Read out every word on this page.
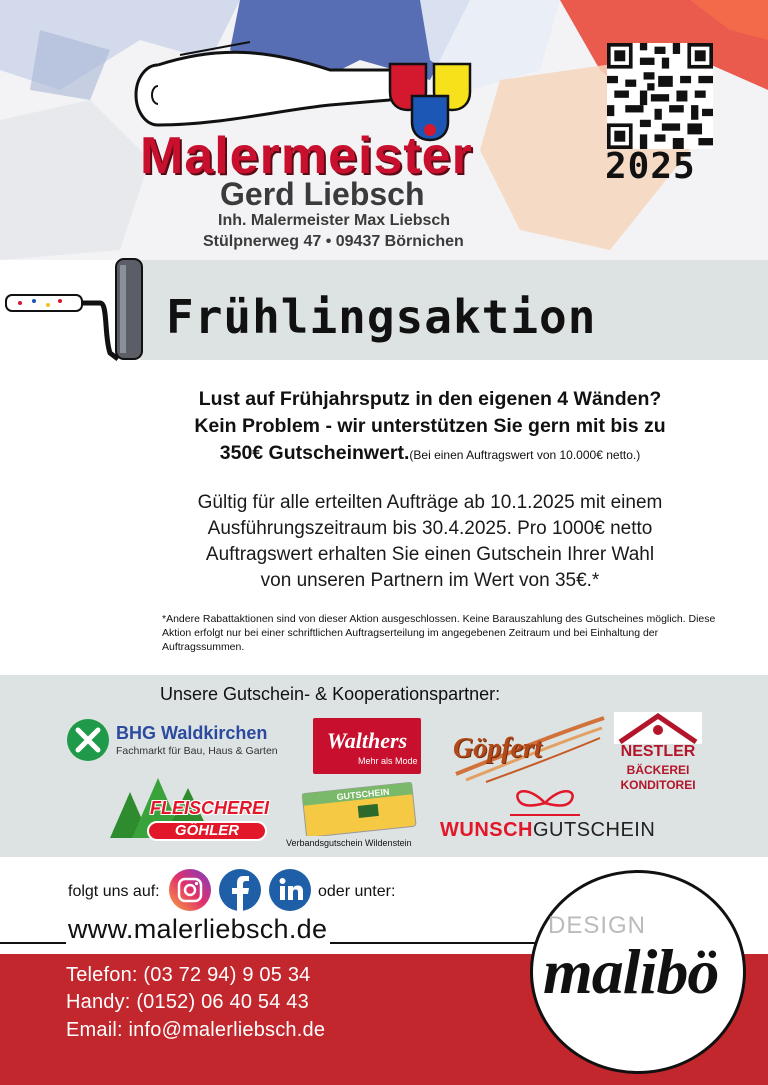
Malermeister
Gerd Liebsch
Inh. Malermeister Max Liebsch
Stülpnerweg 47 • 09437 Börnichen
2025
Frühlingsaktion
Lust auf Frühjahrsputz in den eigenen 4 Wänden?
Kein Problem - wir unterstützen Sie gern mit bis zu
350€ Gutscheinwert.(Bei einen Auftragswert von 10.000€ netto.)
Gültig für alle erteilten Aufträge ab 10.1.2025 mit einem
Ausführungszeitraum bis 30.4.2025. Pro 1000€ netto
Auftragswert erhalten Sie einen Gutschein Ihrer Wahl
von unseren Partnern im Wert von 35€.*
*Andere Rabattaktionen sind von dieser Aktion ausgeschlossen. Keine Barauszahlung des Gutscheines möglich. Diese Aktion erfolgt nur bei einer schriftlichen Auftragserteilung im angegebenen Zeitraum und bei Einhaltung der Auftragssummen.
Unsere Gutschein- & Kooperationspartner:
BHG Waldkirchen
Fachmarkt für Bau, Haus & Garten	Walthers
Mehr als Mode Göpfert	NESTLER
BÄCKEREI
KONDITOREI
FLEISCHEREI
GÖHLER
GUTSCHEIN
Verbandsgutschein Wildenstein
WUNSCHGUTSCHEIN
folgt uns auf:	oder unter:
www.malerliebsch.de
Telefon: (03 72 94) 9 05 34
Handy: (0152) 06 40 54 43
Email: info@malerliebsch.de
DESIGN
malibö
